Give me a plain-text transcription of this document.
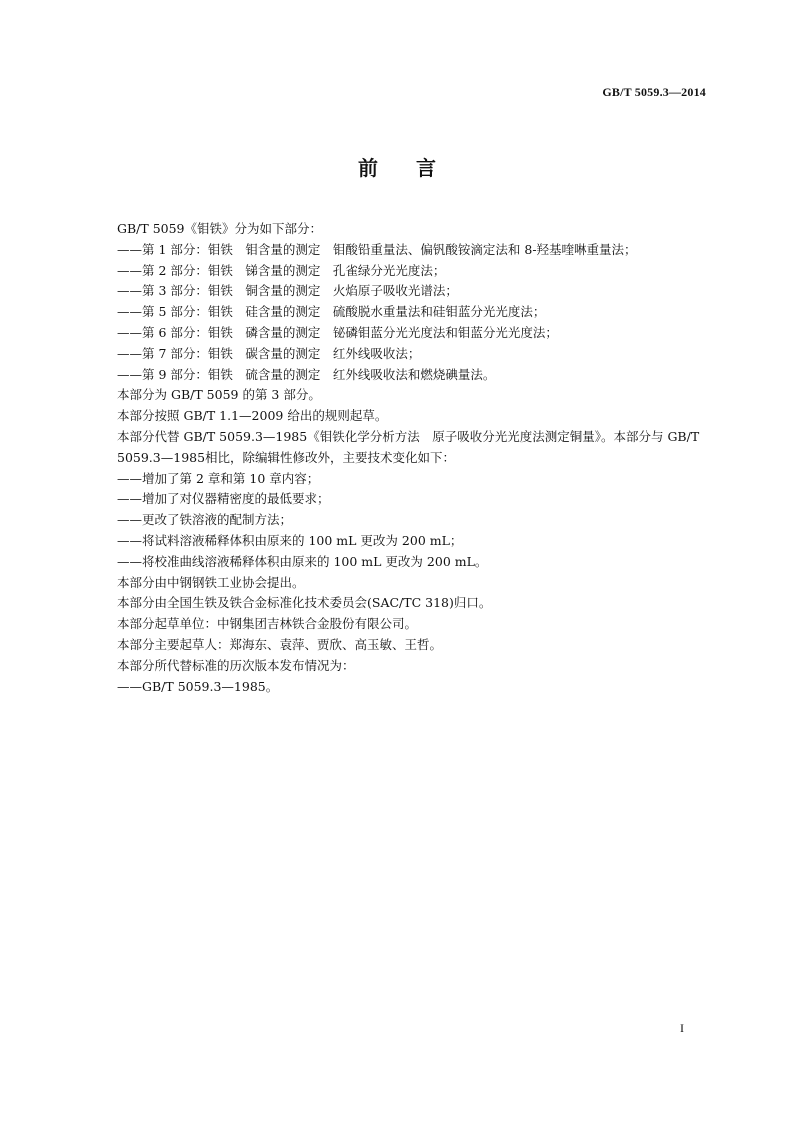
GB/T 5059.3—2014
前言

GB/T 5059《钼铁》分为如下部分：

——第 1 部分：钼铁　钼含量的测定　钼酸铅重量法、偏钒酸铵滴定法和 8-羟基喹啉重量法；

——第 2 部分：钼铁　锑含量的测定　孔雀绿分光光度法；

——第 3 部分：钼铁　铜含量的测定　火焰原子吸收光谱法；

——第 5 部分：钼铁　硅含量的测定　硫酸脱水重量法和硅钼蓝分光光度法；

——第 6 部分：钼铁　磷含量的测定　铋磷钼蓝分光光度法和钼蓝分光光度法；

——第 7 部分：钼铁　碳含量的测定　红外线吸收法；

——第 9 部分：钼铁　硫含量的测定　红外线吸收法和燃烧碘量法。

本部分为 GB/T 5059 的第 3 部分。

本部分按照 GB/T 1.1—2009 给出的规则起草。

本部分代替 GB/T 5059.3—1985《钼铁化学分析方法　原子吸收分光光度法测定铜量》。本部分与 GB/T 5059.3—1985相比，除编辑性修改外，主要技术变化如下：

——增加了第 2 章和第 10 章内容；

——增加了对仪器精密度的最低要求；

——更改了铁溶液的配制方法；

——将试料溶液稀释体积由原来的 100 mL 更改为 200 mL；

——将校准曲线溶液稀释体积由原来的 100 mL 更改为 200 mL。

本部分由中钢钢铁工业协会提出。

本部分由全国生铁及铁合金标准化技术委员会(SAC/TC 318)归口。

本部分起草单位：中钢集团吉林铁合金股份有限公司。

本部分主要起草人：郑海东、袁萍、贾欣、高玉敏、王哲。

本部分所代替标准的历次版本发布情况为：

——GB/T 5059.3—1985。

I
